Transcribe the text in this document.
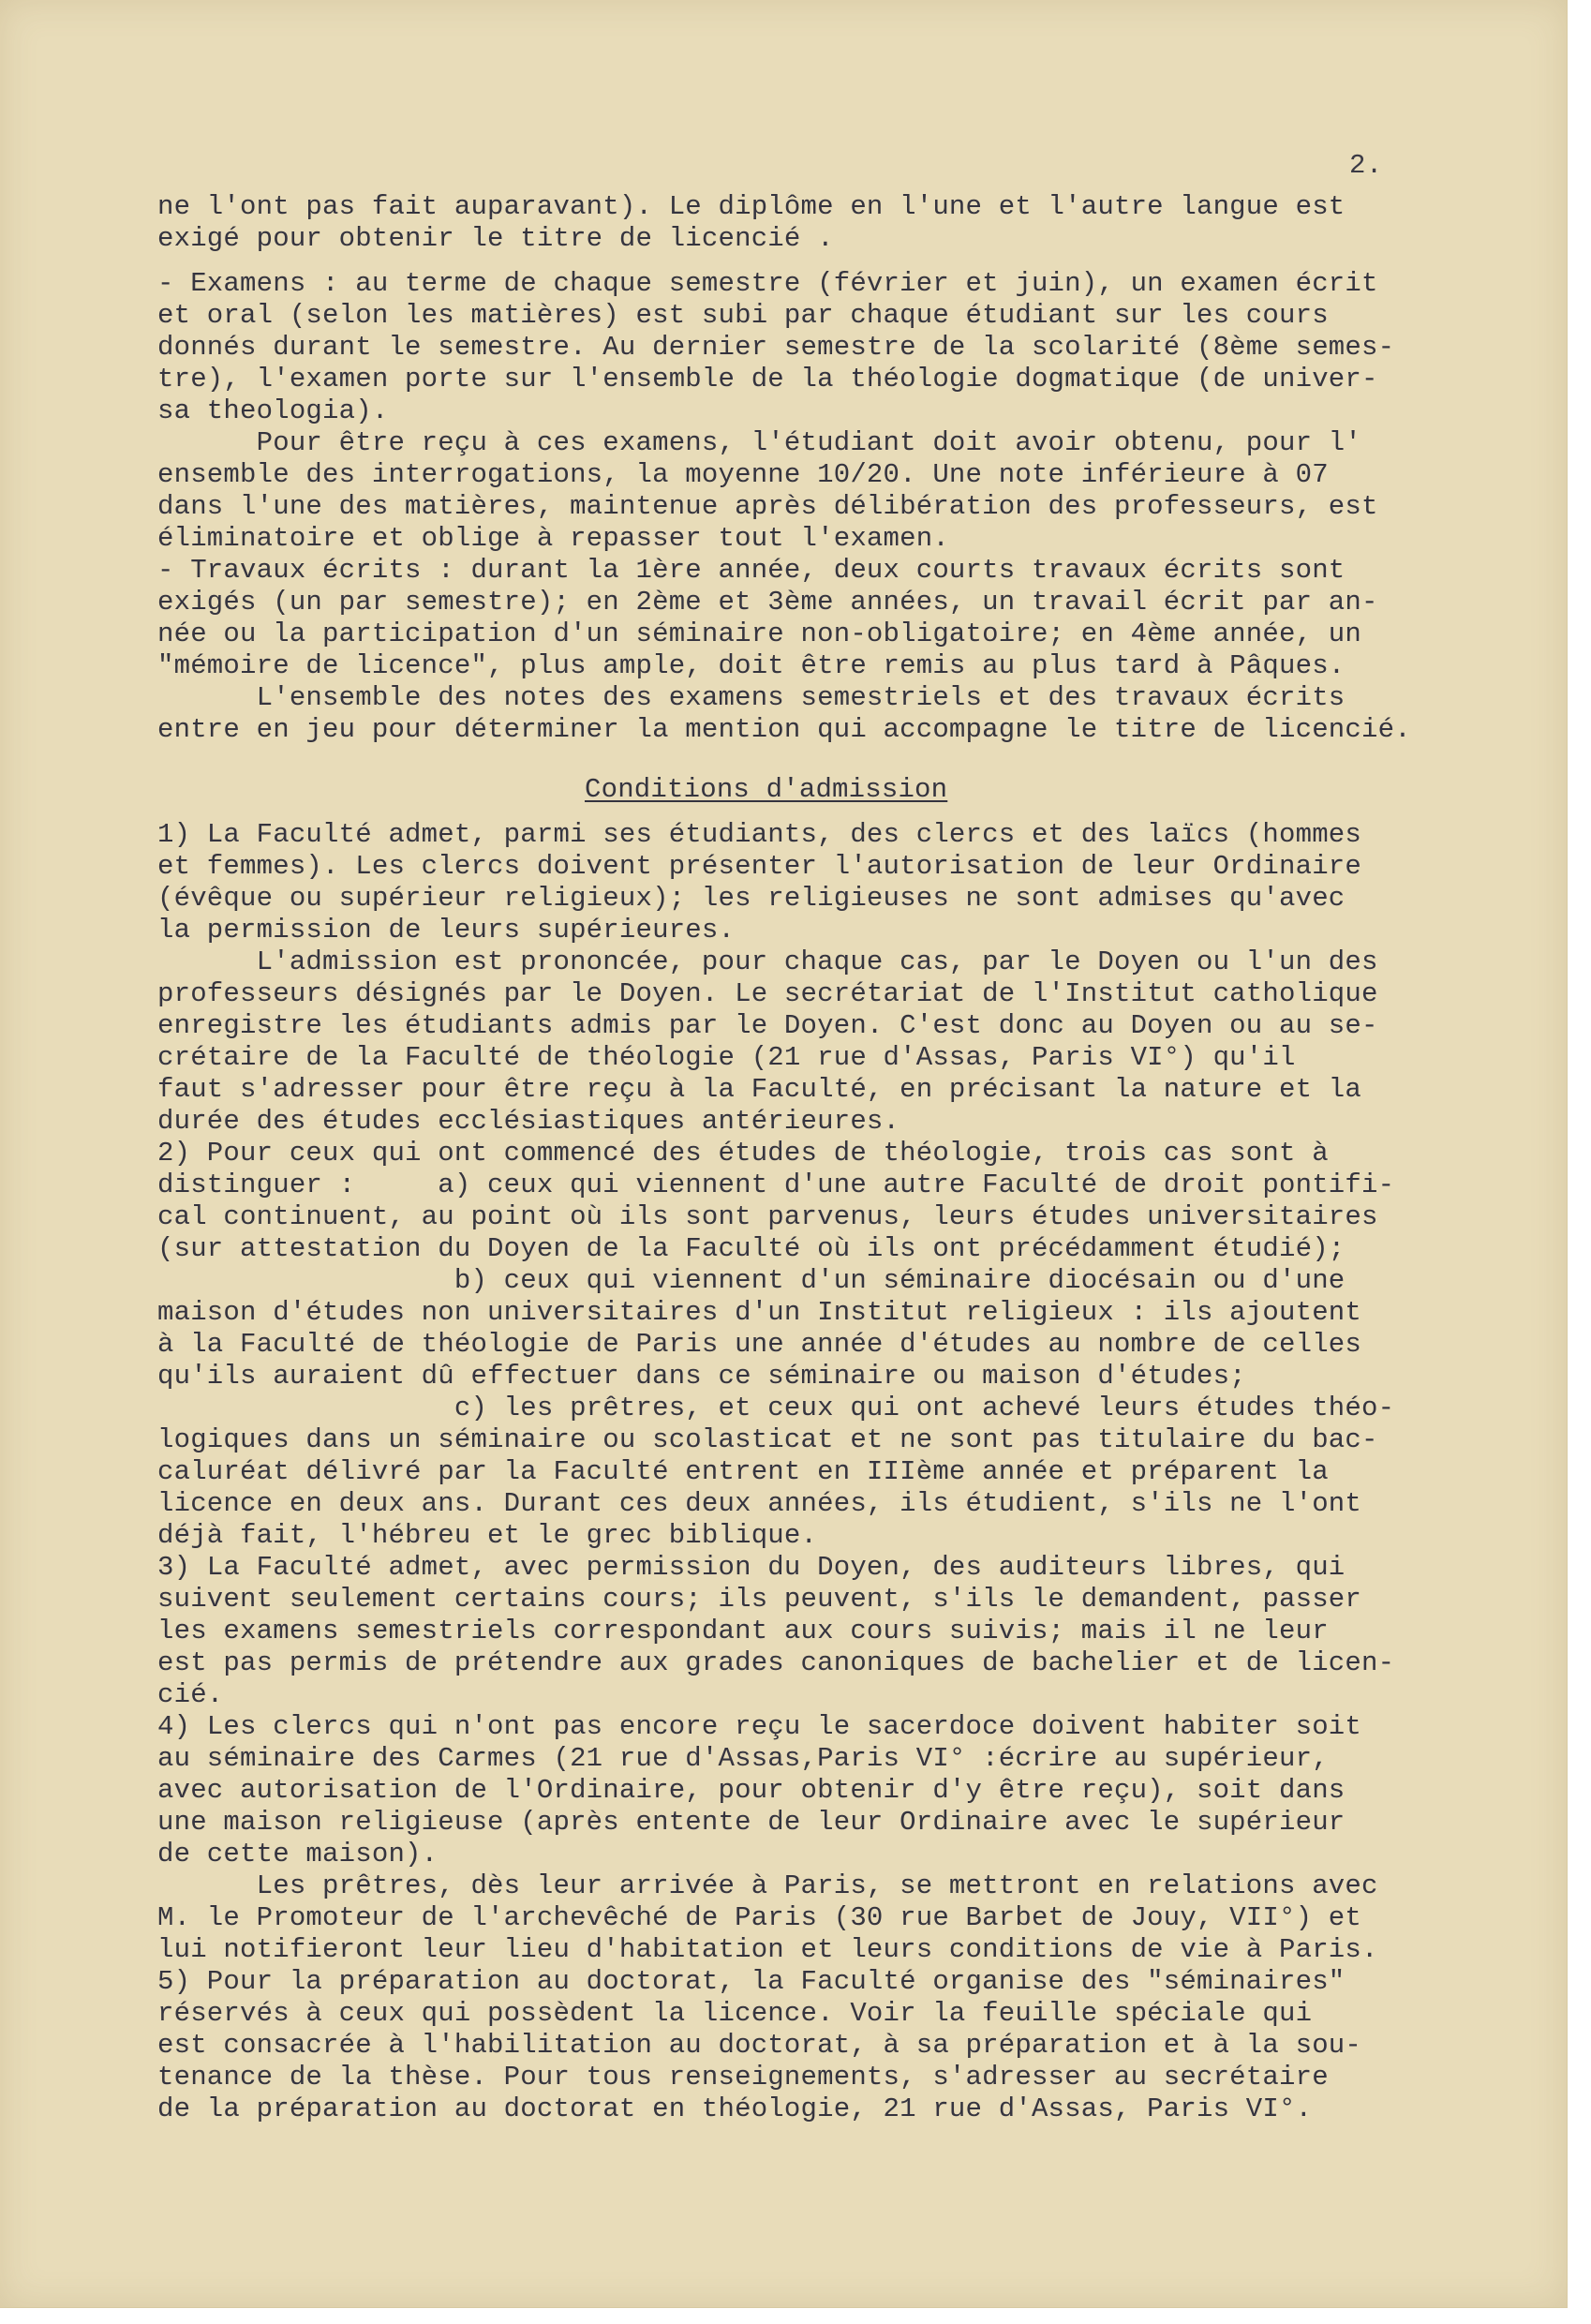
2.
ne l'ont pas fait auparavant). Le diplôme en l'une et l'autre langue est
exigé pour obtenir le titre de licencié .
- Examens : au terme de chaque semestre (février et juin), un examen écrit
et oral (selon les matières) est subi par chaque étudiant sur les cours
donnés durant le semestre. Au dernier semestre de la scolarité (8ème semes-
tre), l'examen porte sur l'ensemble de la théologie dogmatique (de univer-
sa theologia).
Pour être reçu à ces examens, l'étudiant doit avoir obtenu, pour l'
ensemble des interrogations, la moyenne 10/20. Une note inférieure à 07
dans l'une des matières, maintenue après délibération des professeurs, est
éliminatoire et oblige à repasser tout l'examen.
- Travaux écrits : durant la 1ère année, deux courts travaux écrits sont
exigés (un par semestre); en 2ème et 3ème années, un travail écrit par an-
née ou la participation d'un séminaire non-obligatoire; en 4ème année, un
"mémoire de licence", plus ample, doit être remis au plus tard à Pâques.
L'ensemble des notes des examens semestriels et des travaux écrits
entre en jeu pour déterminer la mention qui accompagne le titre de licencié.
Conditions d'admission
1) La Faculté admet, parmi ses étudiants, des clercs et des laïcs (hommes
et femmes). Les clercs doivent présenter l'autorisation de leur Ordinaire
(évêque ou supérieur religieux); les religieuses ne sont admises qu'avec
la permission de leurs supérieures.
L'admission est prononcée, pour chaque cas, par le Doyen ou l'un des
professeurs désignés par le Doyen. Le secrétariat de l'Institut catholique
enregistre les étudiants admis par le Doyen. C'est donc au Doyen ou au se-
crétaire de la Faculté de théologie (21 rue d'Assas, Paris VI°) qu'il
faut s'adresser pour être reçu à la Faculté, en précisant la nature et la
durée des études ecclésiastiques antérieures.
2) Pour ceux qui ont commencé des études de théologie, trois cas sont à
distinguer :     a) ceux qui viennent d'une autre Faculté de droit pontifi-
cal continuent, au point où ils sont parvenus, leurs études universitaires
(sur attestation du Doyen de la Faculté où ils ont précédamment étudié);
b) ceux qui viennent d'un séminaire diocésain ou d'une
maison d'études non universitaires d'un Institut religieux : ils ajoutent
à la Faculté de théologie de Paris une année d'études au nombre de celles
qu'ils auraient dû effectuer dans ce séminaire ou maison d'études;
c) les prêtres, et ceux qui ont achevé leurs études théo-
logiques dans un séminaire ou scolasticat et ne sont pas titulaire du bac-
caluréat délivré par la Faculté entrent en IIIème année et préparent la
licence en deux ans. Durant ces deux années, ils étudient, s'ils ne l'ont
déjà fait, l'hébreu et le grec biblique.
3) La Faculté admet, avec permission du Doyen, des auditeurs libres, qui
suivent seulement certains cours; ils peuvent, s'ils le demandent, passer
les examens semestriels correspondant aux cours suivis; mais il ne leur
est pas permis de prétendre aux grades canoniques de bachelier et de licen-
cié.
4) Les clercs qui n'ont pas encore reçu le sacerdoce doivent habiter soit
au séminaire des Carmes (21 rue d'Assas,Paris VI° :écrire au supérieur,
avec autorisation de l'Ordinaire, pour obtenir d'y être reçu), soit dans
une maison religieuse (après entente de leur Ordinaire avec le supérieur
de cette maison).
Les prêtres, dès leur arrivée à Paris, se mettront en relations avec
M. le Promoteur de l'archevêché de Paris (30 rue Barbet de Jouy, VII°) et
lui notifieront leur lieu d'habitation et leurs conditions de vie à Paris.
5) Pour la préparation au doctorat, la Faculté organise des "séminaires"
réservés à ceux qui possèdent la licence. Voir la feuille spéciale qui
est consacrée à l'habilitation au doctorat, à sa préparation et à la sou-
tenance de la thèse. Pour tous renseignements, s'adresser au secrétaire
de la préparation au doctorat en théologie, 21 rue d'Assas, Paris VI°.
